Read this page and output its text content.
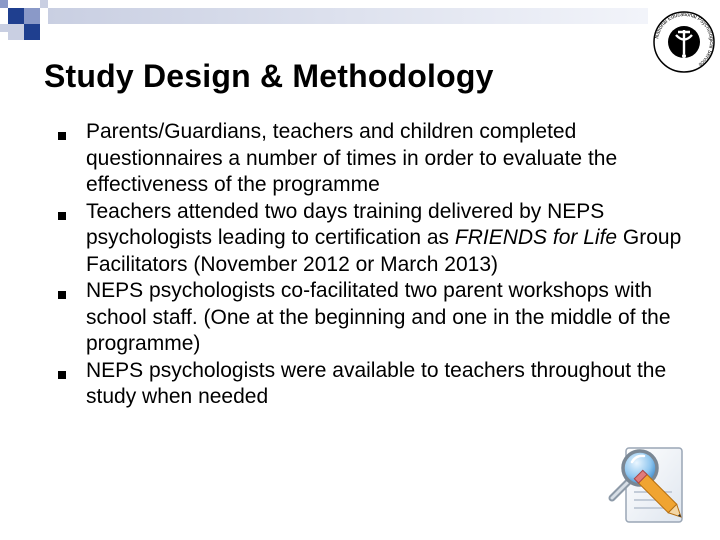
National Educational Psychological Service
Study Design & Methodology
Parents/Guardians, teachers and children completed questionnaires a number of times in order to evaluate the effectiveness of the programme
Teachers attended two days training delivered by NEPS psychologists leading to certification as FRIENDS for Life Group Facilitators (November 2012 or March 2013)
NEPS psychologists co-facilitated two parent workshops with school staff. (One at the beginning and one in the middle of the programme)
NEPS psychologists were available to teachers throughout the study when needed
